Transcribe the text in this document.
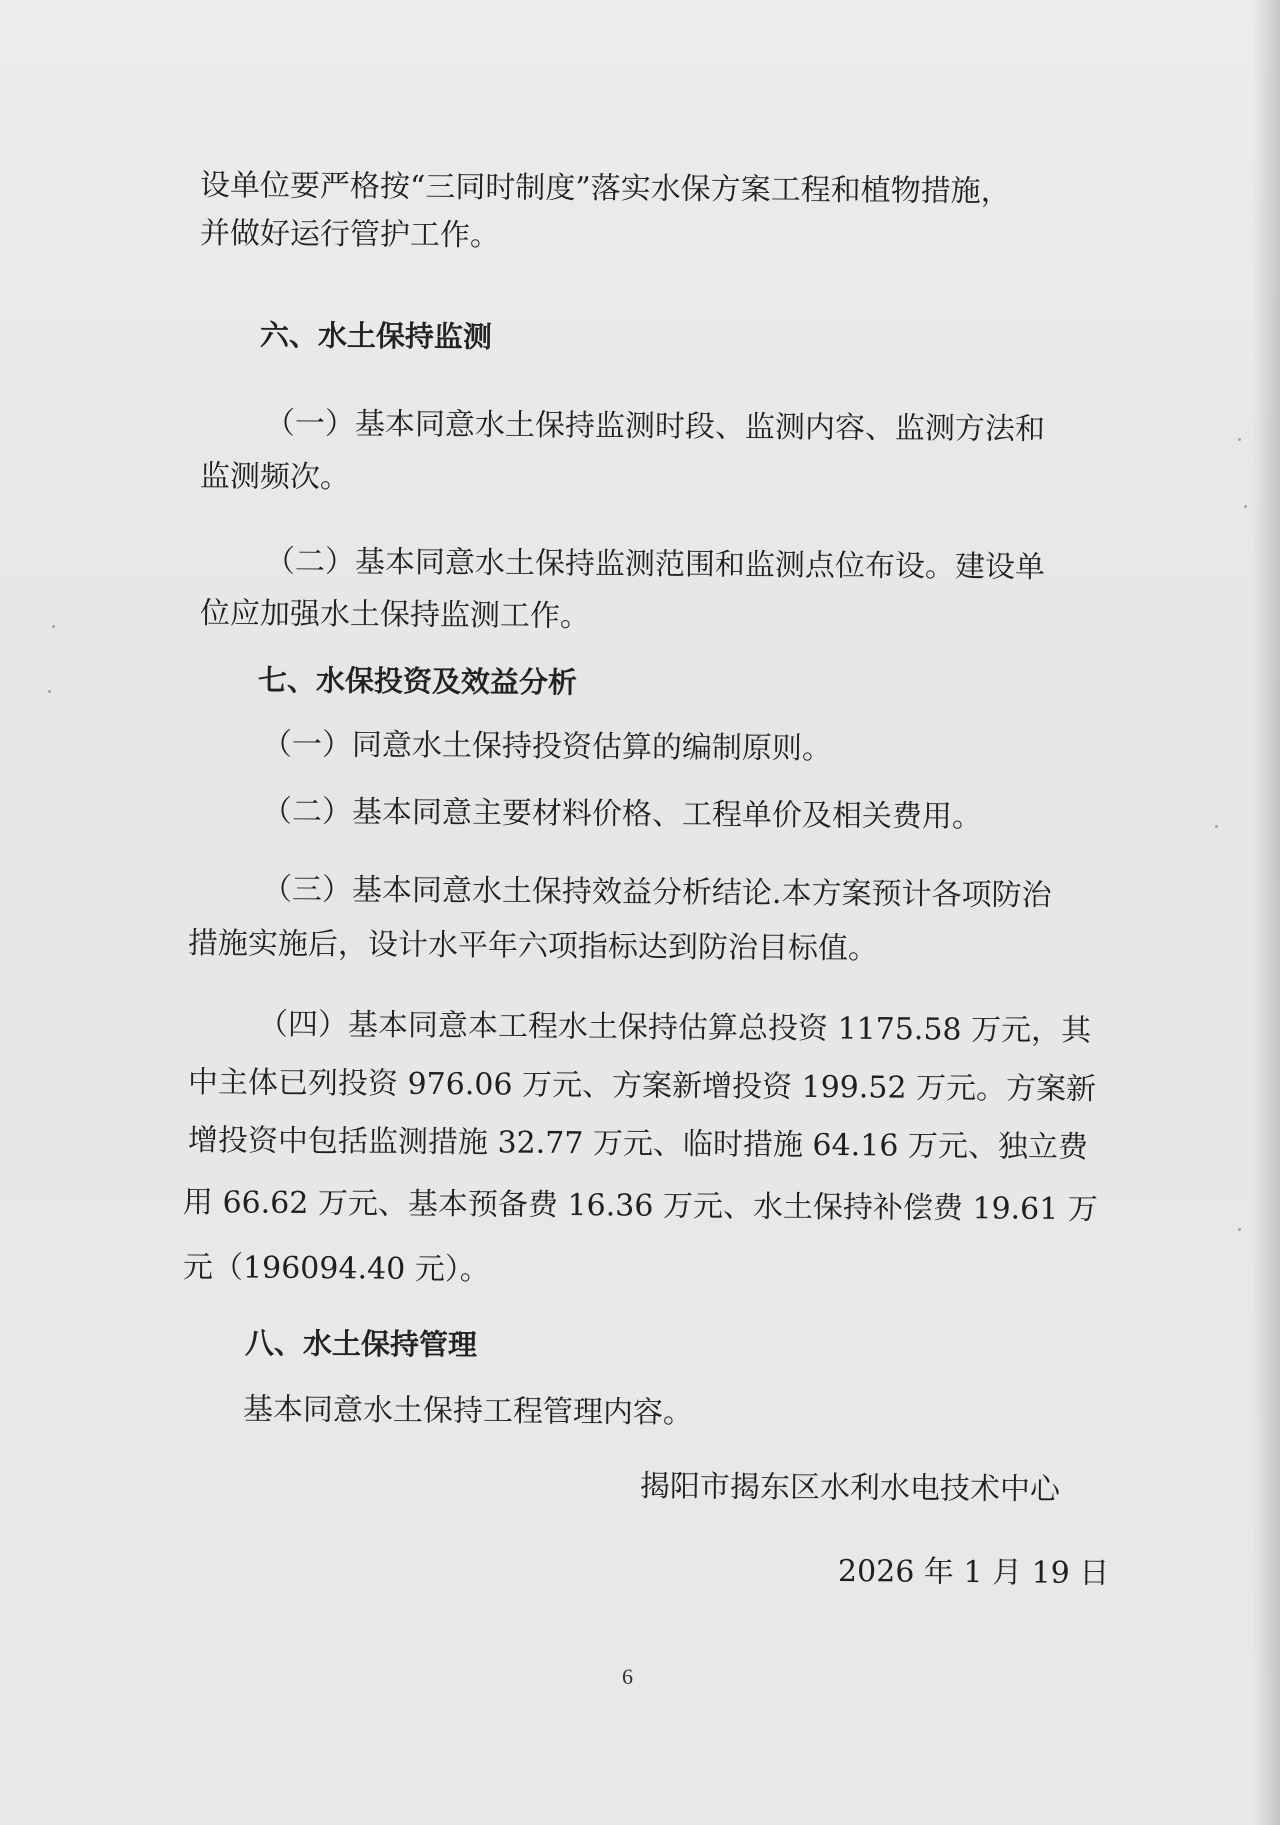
设单位要严格按“三同时制度”落实水保方案工程和植物措施，

并做好运行管护工作。

六、水土保持监测

（一）基本同意水土保持监测时段、监测内容、监测方法和

监测频次。

（二）基本同意水土保持监测范围和监测点位布设。建设单

位应加强水土保持监测工作。

七、水保投资及效益分析

（一）同意水土保持投资估算的编制原则。

（二）基本同意主要材料价格、工程单价及相关费用。

（三）基本同意水土保持效益分析结论.本方案预计各项防治

措施实施后，设计水平年六项指标达到防治目标值。

（四）基本同意本工程水土保持估算总投资 1175.58 万元，其

中主体已列投资 976.06 万元、方案新增投资 199.52 万元。方案新

增投资中包括监测措施 32.77 万元、临时措施 64.16 万元、独立费

用 66.62 万元、基本预备费 16.36 万元、水土保持补偿费 19.61 万

元（196094.40 元）。

八、水土保持管理

基本同意水土保持工程管理内容。

揭阳市揭东区水利水电技术中心

2026 年 1 月 19 日

6
